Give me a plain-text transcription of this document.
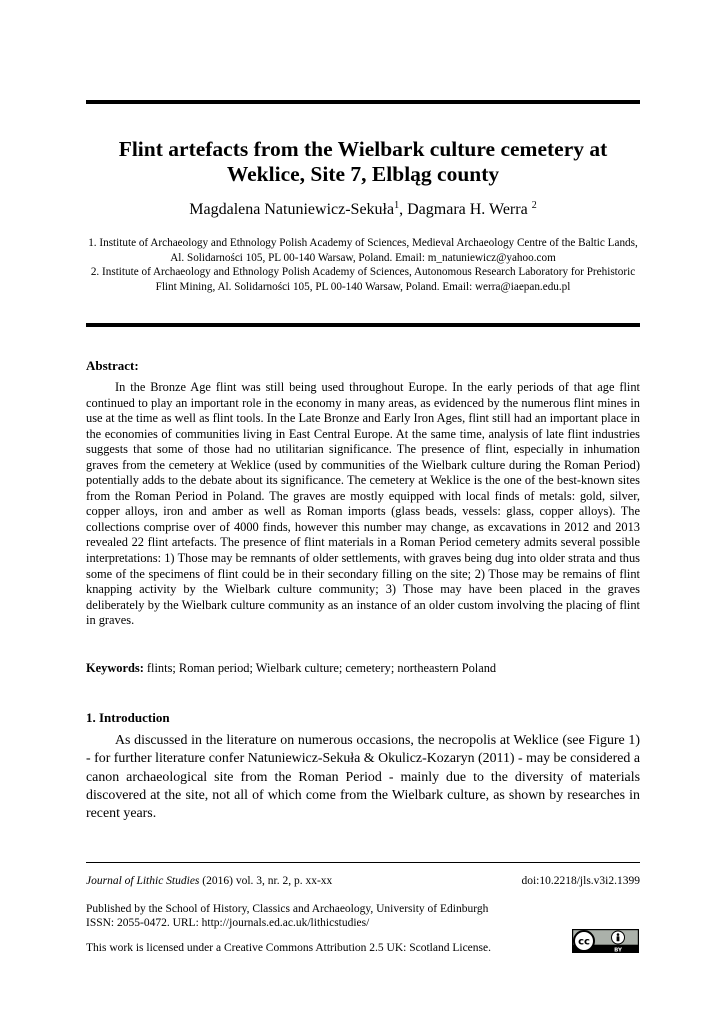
Flint artefacts from the Wielbark culture cemetery at
Weklice, Site 7, Elbląg county
Magdalena Natuniewicz-Sekuła$^1$, Dagmara H. Werra $^2$

1. Institute of Archaeology and Ethnology Polish Academy of Sciences, Medieval Archaeology Centre of the Baltic Lands, Al. Solidarności 105, PL 00-140 Warsaw, Poland. Email: m_natuniewicz@yahoo.com

2. Institute of Archaeology and Ethnology Polish Academy of Sciences, Autonomous Research Laboratory for Prehistoric Flint Mining, Al. Solidarności 105, PL 00-140 Warsaw, Poland. Email: werra@iaepan.edu.pl

Abstract:

In the Bronze Age flint was still being used throughout Europe. In the early periods of that age flint continued to play an important role in the economy in many areas, as evidenced by the numerous flint mines in use at the time as well as flint tools. In the Late Bronze and Early Iron Ages, flint still had an important place in the economies of communities living in East Central Europe. At the same time, analysis of late flint industries suggests that some of those had no utilitarian significance. The presence of flint, especially in inhumation graves from the cemetery at Weklice (used by communities of the Wielbark culture during the Roman Period) potentially adds to the debate about its significance. The cemetery at Weklice is the one of the best-known sites from the Roman Period in Poland. The graves are mostly equipped with local finds of metals: gold, silver, copper alloys, iron and amber as well as Roman imports (glass beads, vessels: glass, copper alloys). The collections comprise over of 4000 finds, however this number may change, as excavations in 2012 and 2013 revealed 22 flint artefacts. The presence of flint materials in a Roman Period cemetery admits several possible interpretations: 1) Those may be remnants of older settlements, with graves being dug into older strata and thus some of the specimens of flint could be in their secondary filling on the site; 2) Those may be remains of flint knapping activity by the Wielbark culture community; 3) Those may have been placed in the graves deliberately by the Wielbark culture community as an instance of an older custom involving the placing of flint in graves.

Keywords: flints; Roman period; Wielbark culture; cemetery; northeastern Poland

1. Introduction

As discussed in the literature on numerous occasions, the necropolis at Weklice (see Figure 1) - for further literature confer Natuniewicz-Sekuła & Okulicz-Kozaryn (2011) - may be considered a canon archaeological site from the Roman Period - mainly due to the diversity of materials discovered at the site, not all of which come from the Wielbark culture, as shown by researches in recent years.

Journal of Lithic Studies (2016) vol. 3, nr. 2, p. xx-xx	doi:10.2218/jls.v3i2.1399
Published by the School of History, Classics and Archaeology, University of Edinburgh
ISSN: 2055-0472. URL: http://journals.ed.ac.uk/lithicstudies/
This work is licensed under a Creative Commons Attribution 2.5 UK: Scotland License.	cc
BY
